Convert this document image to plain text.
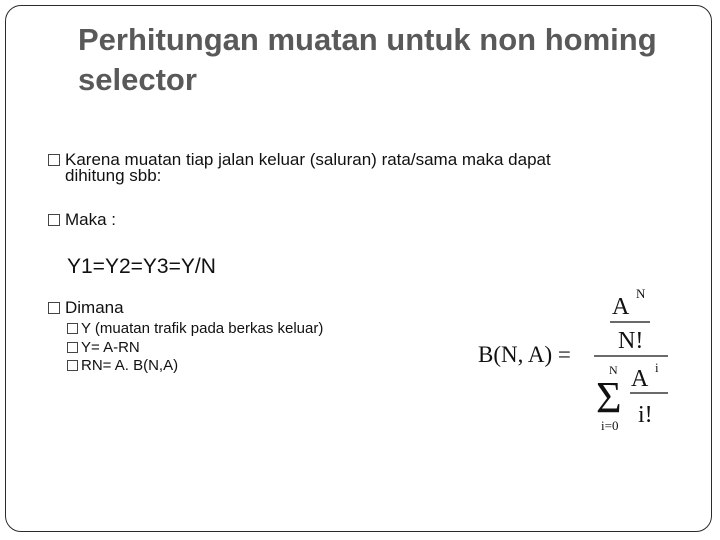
Perhitungan muatan untuk non homing selector
Karena muatan tiap jalan keluar (saluran) rata/sama maka dapat
dihitung sbb:
Maka :
Y1=Y2=Y3=Y/N
Dimana
Y (muatan trafik pada berkas keluar)
Y= A-RN
RN= A. B(N,A)	B(N, A) =
A
N
N!
N
Σ
i=0
A i
i!
